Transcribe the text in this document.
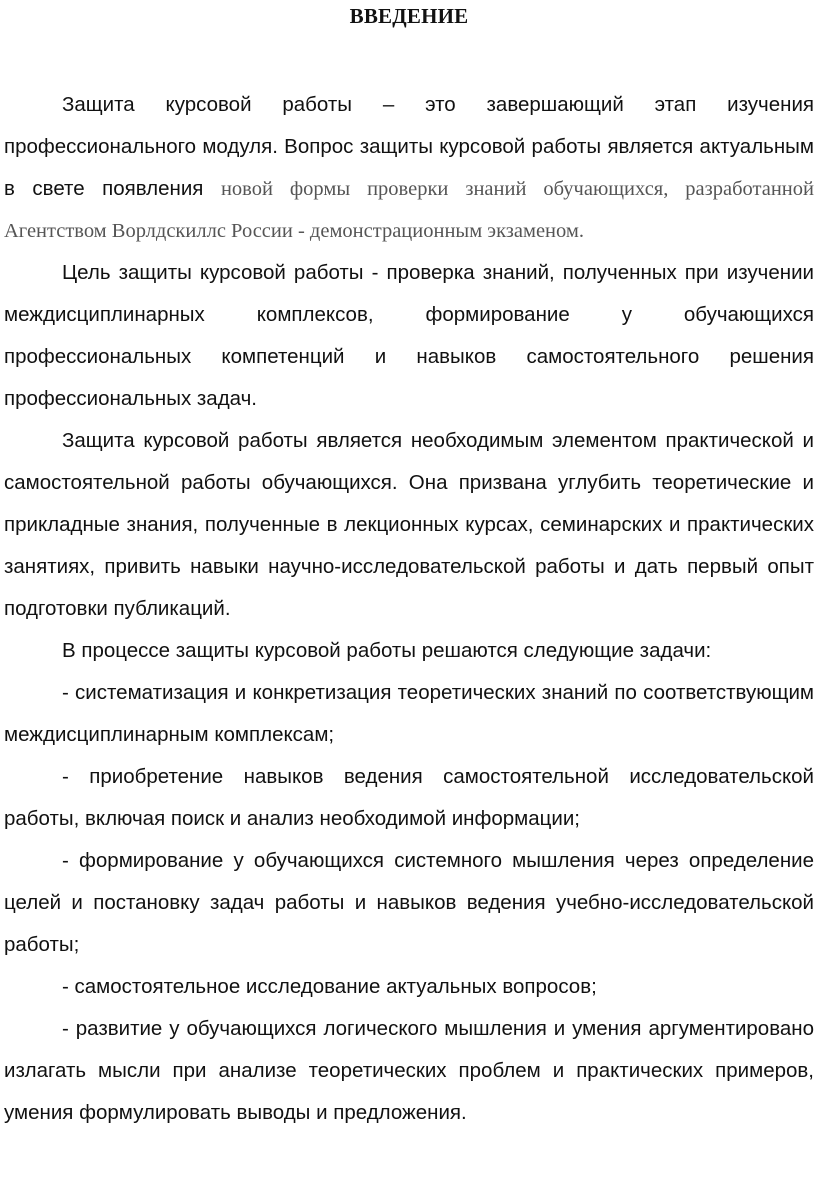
ВВЕДЕНИЕ

Защита курсовой работы – это завершающий этап изучения профессионального модуля. Вопрос защиты курсовой работы является актуальным в свете появления новой формы проверки знаний обучающихся, разработанной Агентством Ворлдскиллс России - демонстрационным экзаменом.

Цель защиты курсовой работы - проверка знаний, полученных при изучении междисциплинарных комплексов, формирование у обучающихся профессиональных компетенций и навыков самостоятельного решения профессиональных задач.

Защита курсовой работы является необходимым элементом практической и самостоятельной работы обучающихся. Она призвана углубить теоретические и прикладные знания, полученные в лекционных курсах, семинарских и практических занятиях, привить навыки научно-исследовательской работы и дать первый опыт подготовки публикаций.

В процессе защиты курсовой работы решаются следующие задачи:

- систематизация и конкретизация теоретических знаний по соответствующим междисциплинарным комплексам;

- приобретение навыков ведения самостоятельной исследовательской работы, включая поиск и анализ необходимой информации;

- формирование у обучающихся системного мышления через определение целей и постановку задач работы и навыков ведения учебно-исследовательской работы;

- самостоятельное исследование актуальных вопросов;

- развитие у обучающихся логического мышления и умения аргументировано излагать мысли при анализе теоретических проблем и практических примеров, умения формулировать выводы и предложения.
